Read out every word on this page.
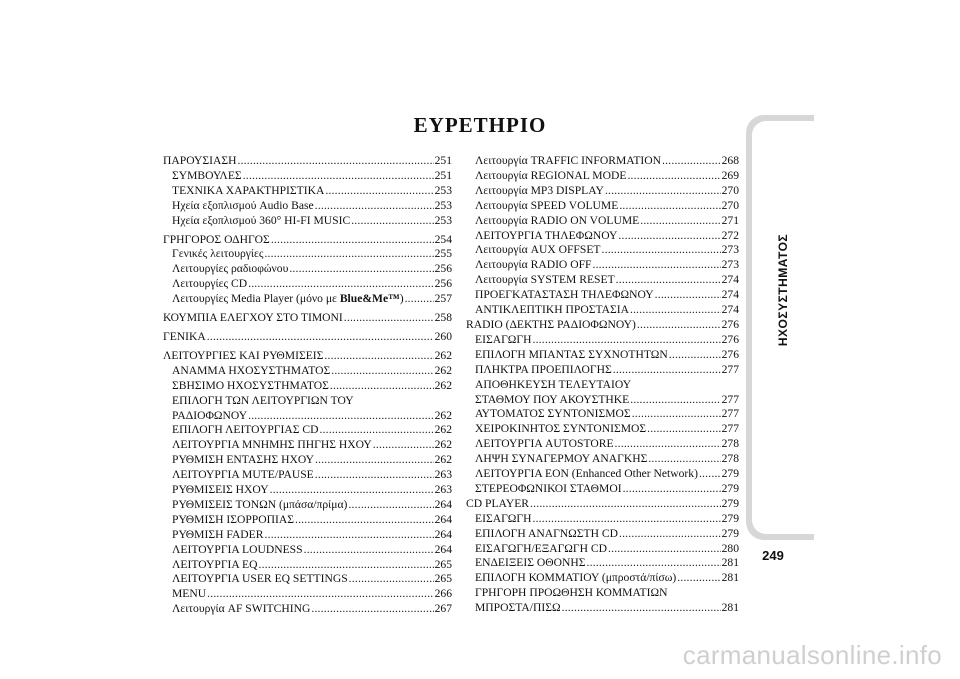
ΕΥΡΕΤΗΡΙΟ
ΠΑΡΟΥΣΙΑΣΗ .....	251
ΣΥΜΒΟΥΛΕΣ .....	251
ΤΕΧΝΙΚΑ ΧΑΡΑΚΤΗΡΙΣΤΙΚΑ .....	253
Ηχεία εξοπλισμού Audio Base .....	253
Ηχεία εξοπλισμού 360° HI-FI MUSIC .....	253
ΓΡΗΓΟΡΟΣ ΟΔΗΓΟΣ .....	254
Γενικές λειτουργίες .....	255
Λειτουργίες ραδιοφώνου .....	256
Λειτουργίες CD .....	256
Λειτουργίες Media Player (μόνο με Blue&Me™) .....	257
ΚΟΥΜΠΙΑ ΕΛΕΓΧΟΥ ΣΤΟ ΤΙΜΟΝΙ .....	258
ΓΕΝΙΚΑ .....	260
ΛΕΙΤΟΥΡΓΙΕΣ ΚΑΙ ΡΥΘΜΙΣΕΙΣ .....	262
ΑΝΑΜΜΑ ΗΧΟΣΥΣΤΗΜΑΤΟΣ .....	262
ΣΒΗΣΙΜΟ ΗΧΟΣΥΣΤΗΜΑΤΟΣ .....	262
ΕΠΙΛΟΓΗ ΤΩΝ ΛΕΙΤΟΥΡΓΙΩΝ ΤΟΥ
ΡΑΔΙΟΦΩΝΟΥ .....	262
ΕΠΙΛΟΓΗ ΛΕΙΤΟΥΡΓΙΑΣ CD .....	262
ΛΕΙΤΟΥΡΓΙΑ ΜΝΗΜΗΣ ΠΗΓΗΣ ΗΧΟΥ .....	262
ΡΥΘΜΙΣΗ ΕΝΤΑΣΗΣ ΗΧΟΥ .....	262
ΛΕΙΤΟΥΡΓΙΑ MUTE/PAUSE .....	263
ΡΥΘΜΙΣΕΙΣ ΗΧΟΥ .....	263
ΡΥΘΜΙΣΕΙΣ ΤΟΝΩΝ (μπάσα/πρίμα) .....	264
ΡΥΘΜΙΣΗ ΙΣΟΡΡΟΠΙΑΣ .....	264
ΡΥΘΜΙΣΗ FADER .....	264
ΛΕΙΤΟΥΡΓΙΑ LOUDNESS .....	264
ΛΕΙΤΟΥΡΓΙΑ EQ .....	265
ΛΕΙΤΟΥΡΓΙΑ USER EQ SETTINGS .....	265
MENU .....	266
Λειτουργία AF SWITCHING .....	267
Λειτουργία TRAFFIC INFORMATION .....	268
Λειτουργία REGIONAL MODE .....	269
Λειτουργία MP3 DISPLAY .....	270
Λειτουργία SPEED VOLUME .....	270
Λειτουργία RADIO ON VOLUME .....	271
ΛΕΙΤΟΥΡΓΙΑ ΤΗΛΕΦΩΝΟΥ .....	272
Λειτουργία AUX OFFSET .....	273
Λειτουργία RADIO OFF .....	273
Λειτουργία SYSTEM RESET .....	274
ΠΡΟΕΓΚΑΤΑΣΤΑΣΗ ΤΗΛΕΦΩΝΟΥ .....	274
ΑΝΤΙΚΛΕΠΤΙΚΗ ΠΡΟΣΤΑΣΙΑ .....	274
RADIO (ΔΕΚΤΗΣ ΡΑΔΙΟΦΩΝΟΥ) .....	276
ΕΙΣΑΓΩΓΗ .....	276
ΕΠΙΛΟΓΗ ΜΠΑΝΤΑΣ ΣΥΧΝΟΤΗΤΩΝ .....	276
ΠΛΗΚΤΡΑ ΠΡΟΕΠΙΛΟΓΗΣ .....	277
ΑΠΟΘΗΚΕΥΣΗ ΤΕΛΕΥΤΑΙΟΥ
ΣΤΑΘΜΟΥ ΠΟΥ ΑΚΟΥΣΤΗΚΕ .....	277
ΑΥΤΟΜΑΤΟΣ ΣΥΝΤΟΝΙΣΜΟΣ .....	277
ΧΕΙΡΟΚΙΝΗΤΟΣ ΣΥΝΤΟΝΙΣΜΟΣ .....	277
ΛΕΙΤΟΥΡΓΙΑ AUTOSTORE .....	278
ΛΗΨΗ ΣΥΝΑΓΕΡΜΟΥ ΑΝΑΓΚΗΣ .....	278
ΛΕΙΤΟΥΡΓΙΑ EON (Enhanced Other Network) ..... 279
ΣΤΕΡΕΟΦΩΝΙΚΟΙ ΣΤΑΘΜΟΙ .....	279
CD PLAYER .....	279
ΕΙΣΑΓΩΓΗ .....	279
ΕΠΙΛΟΓΗ ΑΝΑΓΝΩΣΤΗ CD .....	279
ΕΙΣΑΓΩΓΗ/ΕΞΑΓΩΓΗ CD .....	280
ΕΝΔΕΙΞΕΙΣ ΟΘΟΝΗΣ .....	281
ΕΠΙΛΟΓΗ ΚΟΜΜΑΤΙΟΥ (μπροστά/πίσω) .....	281
ΓΡΗΓΟΡΗ ΠΡΟΩΘΗΣΗ ΚΟΜΜΑΤΙΩΝ
ΜΠΡΟΣΤΑ/ΠΙΣΩ .....	281
ΗΧΟΣΥΣΤΗΜΑΤΟΣ
249
carmanualsonline.info
